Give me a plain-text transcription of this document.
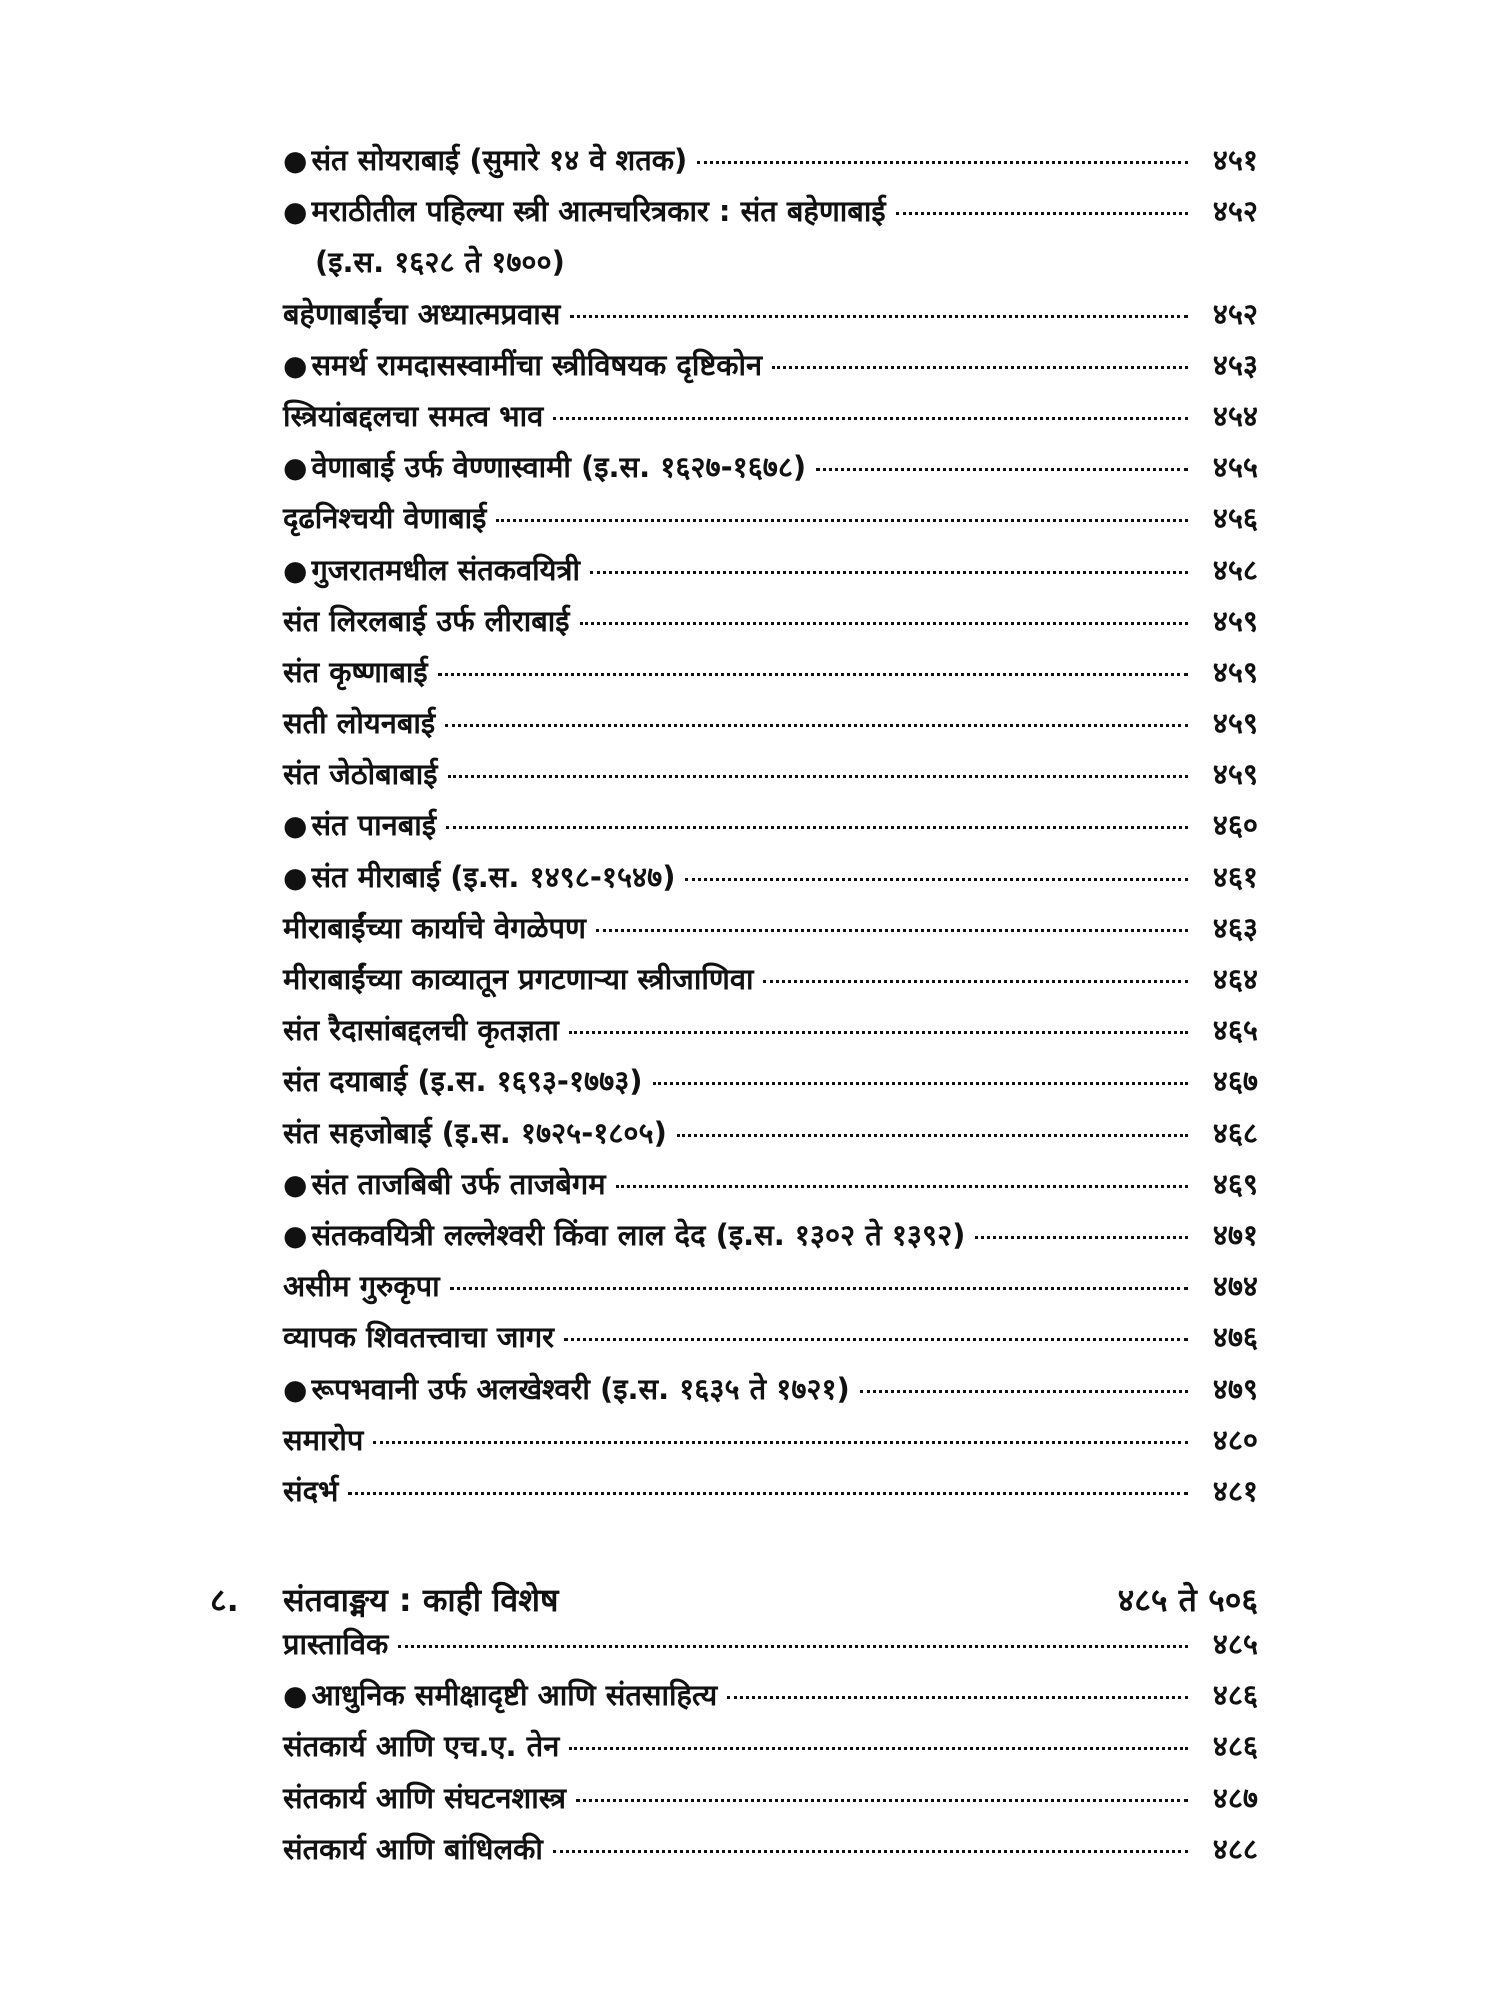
● संत सोयराबाई (सुमारे १४ वे शतक)	४५१
● मराठीतील पहिल्या स्त्री आत्मचरित्रकार : संत बहेणाबाई	४५२
(इ.स. १६२८ ते १७००)
बहेणाबाईंचा अध्यात्मप्रवास	४५२
● समर्थ रामदासस्वामींचा स्त्रीविषयक दृष्टिकोन	४५३
स्त्रियांबद्दलचा समत्व भाव	४५४
● वेणाबाई उर्फ वेण्णास्वामी (इ.स. १६२७-१६७८)	४५५
दृढनिश्चयी वेणाबाई	४५६
● गुजरातमधील संतकवयित्री	४५८
संत लिरलबाई उर्फ लीराबाई	४५९
संत कृष्णाबाई	४५९
सती लोयनबाई	४५९
संत जेठोबाबाई	४५९
● संत पानबाई	४६०
● संत मीराबाई (इ.स. १४९८-१५४७)	४६१
मीराबाईंच्या कार्याचे वेगळेपण	४६३
मीराबाईंच्या काव्यातून प्रगटणाऱ्या स्त्रीजाणिवा	४६४
संत रैदासांबद्दलची कृतज्ञता	४६५
संत दयाबाई (इ.स. १६९३-१७७३)	४६७
संत सहजोबाई (इ.स. १७२५-१८०५)	४६८
● संत ताजबिबी उर्फ ताजबेगम	४६९
● संतकवयित्री लल्लेश्वरी किंवा लाल देद (इ.स. १३०२ ते १३९२)	४७१
असीम गुरुकृपा	४७४
व्यापक शिवतत्त्वाचा जागर	४७६
● रूपभवानी उर्फ अलखेश्वरी (इ.स. १६३५ ते १७२१)	४७९
समारोप	४८०
संदर्भ	४८१
८.	संतवाङ्मय : काही विशेष	४८५ ते ५०६
प्रास्ताविक	४८५
● आधुनिक समीक्षादृष्टी आणि संतसाहित्य	४८६
संतकार्य आणि एच.ए. तेन	४८६
संतकार्य आणि संघटनशास्त्र	४८७
संतकार्य आणि बांधिलकी	४८८
